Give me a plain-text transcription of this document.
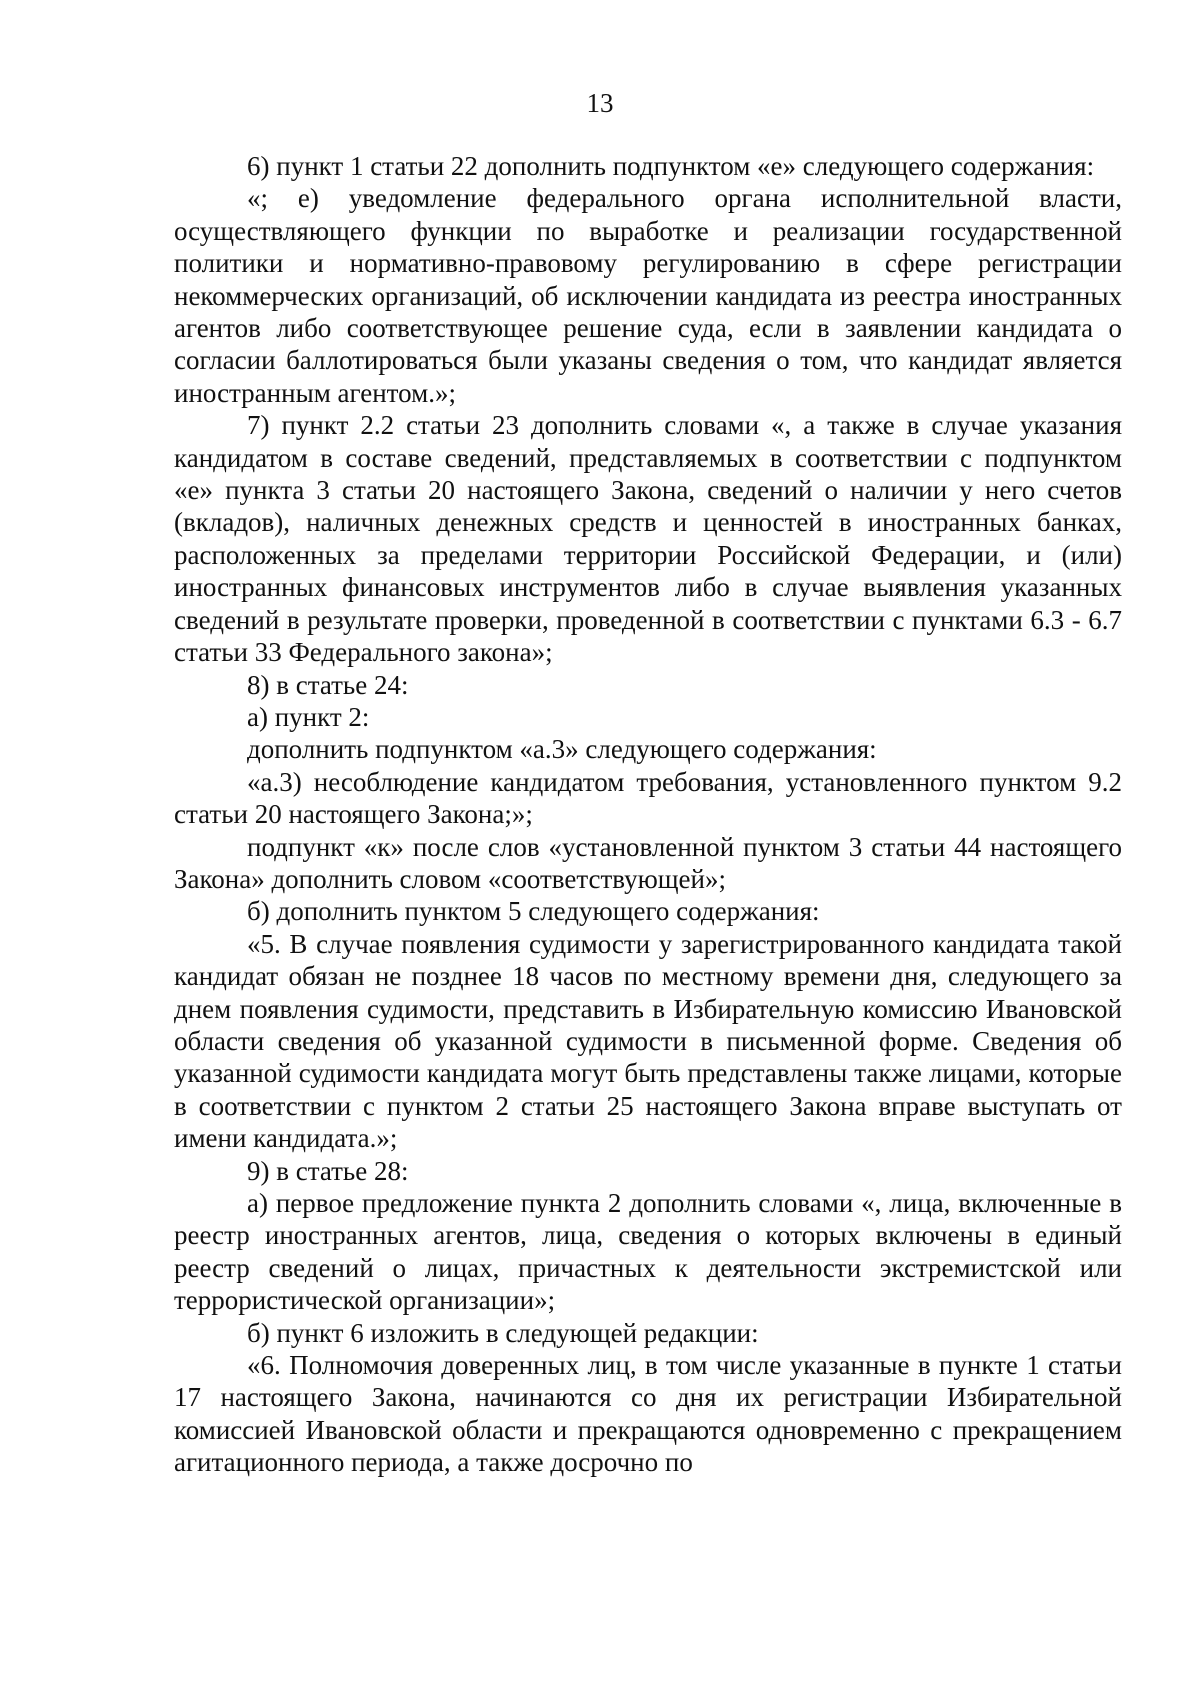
13

6) пункт 1 статьи 22 дополнить подпунктом «е» следующего содержания:

«; е) уведомление федерального органа исполнительной власти, осуществляющего функции по выработке и реализации государственной политики и нормативно-правовому регулированию в сфере регистрации некоммерческих организаций, об исключении кандидата из реестра иностранных агентов либо соответствующее решение суда, если в заявлении кандидата о согласии баллотироваться были указаны сведения о том, что кандидат является иностранным агентом.»;

7) пункт 2.2 статьи 23 дополнить словами «, а также в случае указания кандидатом в составе сведений, представляемых в соответствии с подпунктом «е» пункта 3 статьи 20 настоящего Закона, сведений о наличии у него счетов (вкладов), наличных денежных средств и ценностей в иностранных банках, расположенных за пределами территории Российской Федерации, и (или) иностранных финансовых инструментов либо в случае выявления указанных сведений в результате проверки, проведенной в соответствии с пунктами 6.3 - 6.7 статьи 33 Федерального закона»;

8) в статье 24:

а) пункт 2:

дополнить подпунктом «а.3» следующего содержания:

«а.3) несоблюдение кандидатом требования, установленного пунктом 9.2 статьи 20 настоящего Закона;»;

подпункт «к» после слов «установленной пунктом 3 статьи 44 настоящего Закона» дополнить словом «соответствующей»;

б) дополнить пунктом 5 следующего содержания:

«5. В случае появления судимости у зарегистрированного кандидата такой кандидат обязан не позднее 18 часов по местному времени дня, следующего за днем появления судимости, представить в Избирательную комиссию Ивановской области сведения об указанной судимости в письменной форме. Сведения об указанной судимости кандидата могут быть представлены также лицами, которые в соответствии с пунктом 2 статьи 25 настоящего Закона вправе выступать от имени кандидата.»;

9) в статье 28:

а) первое предложение пункта 2 дополнить словами «, лица, включенные в реестр иностранных агентов, лица, сведения о которых включены в единый реестр сведений о лицах, причастных к деятельности экстремистской или террористической организации»;

б) пункт 6 изложить в следующей редакции:

«6. Полномочия доверенных лиц, в том числе указанные в пункте 1 статьи 17 настоящего Закона, начинаются со дня их регистрации Избирательной комиссией Ивановской области и прекращаются одновременно с прекращением агитационного периода, а также досрочно по
